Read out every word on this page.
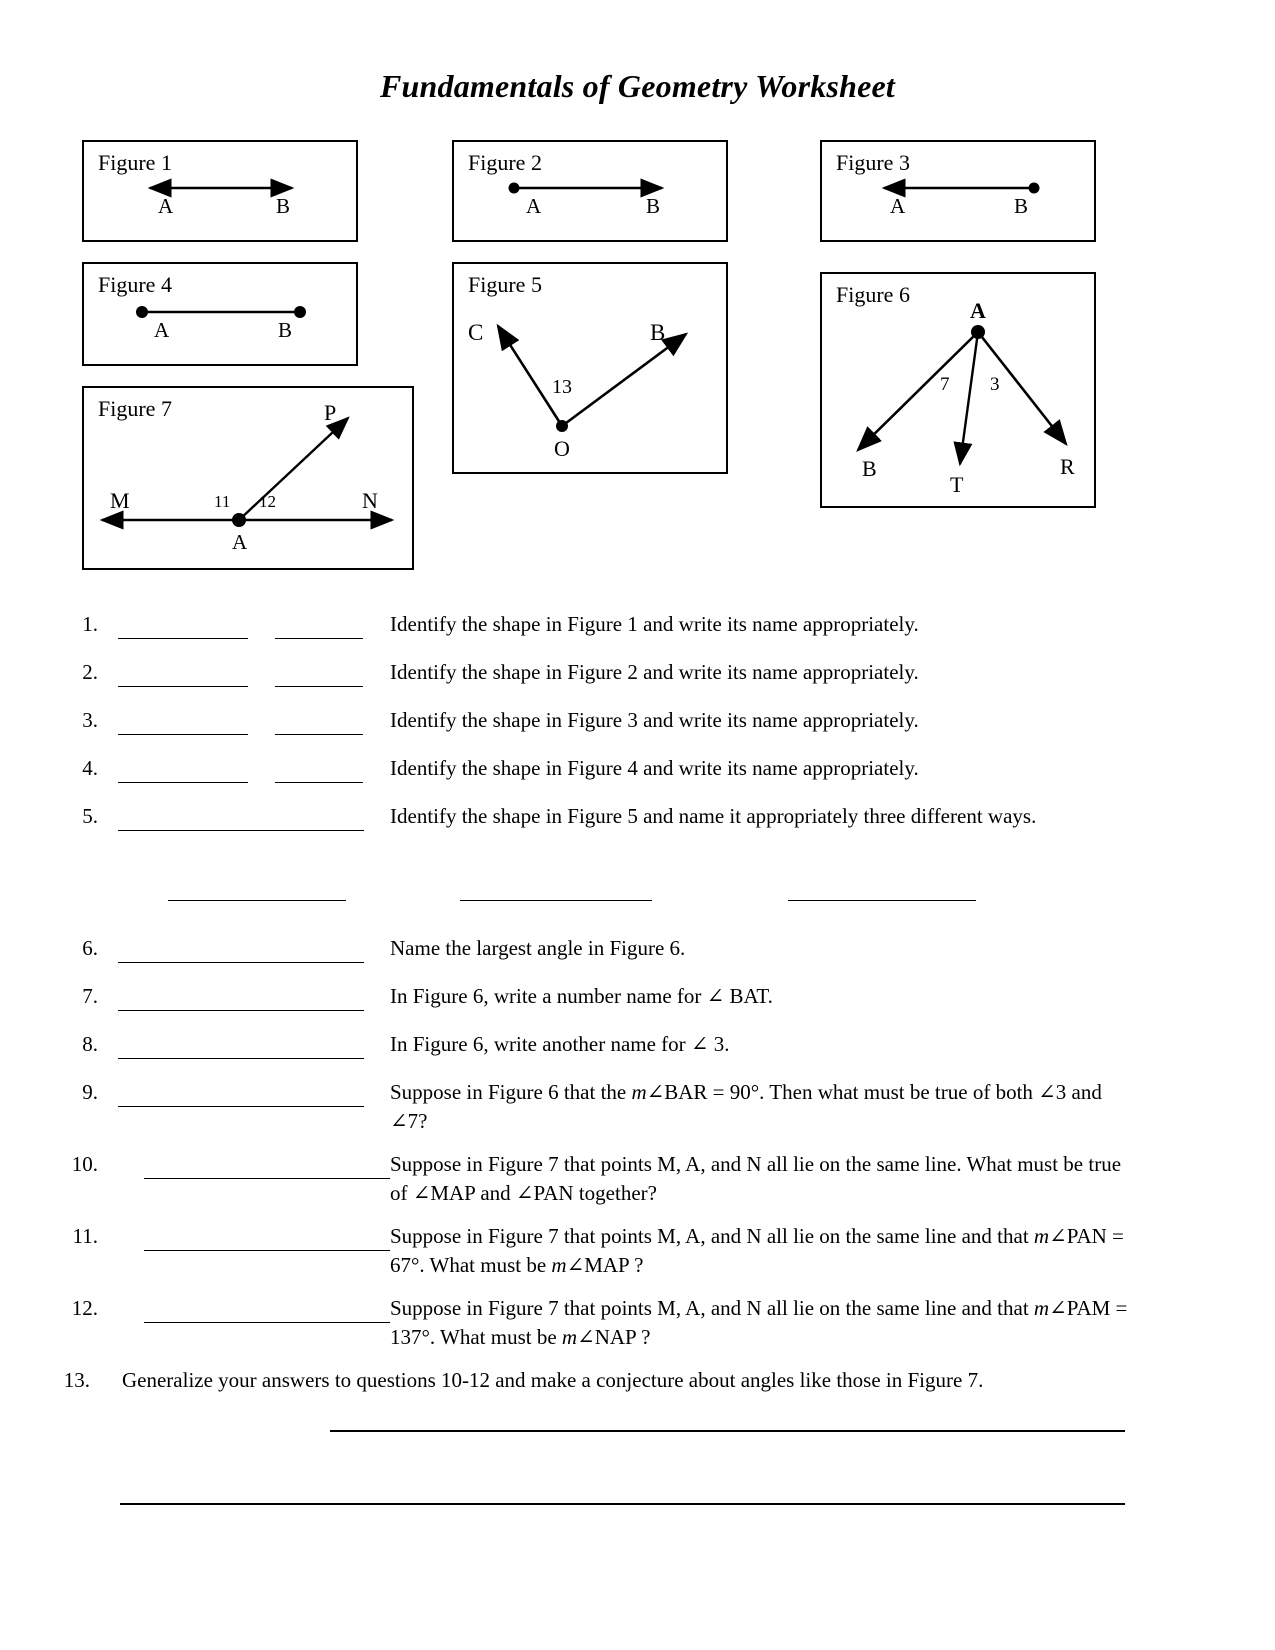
Fundamentals of Geometry Worksheet
Figure 1
A	B
Figure 2
A	B
Figure 3
A	B
Figure 4
A	B
Figure 5
C	B
13
O
Figure 6
A
7 3
B
T
R
Figure 7
M
P
N
11 12
A
1.	Identify the shape in Figure 1 and write its name appropriately.
2.	Identify the shape in Figure 2 and write its name appropriately.
3.	Identify the shape in Figure 3 and write its name appropriately.
4.	Identify the shape in Figure 4 and write its name appropriately.
5.	Identify the shape in Figure 5 and name it appropriately three different ways.
6.	Name the largest angle in Figure 6.
7.	In Figure 6, write a number name for ∠ BAT.
8.	In Figure 6, write another name for ∠ 3.
9.	Suppose in Figure 6 that the m∠BAR = 90°. Then what must be true of both ∠3 and ∠7?
10.	Suppose in Figure 7 that points M, A, and N all lie on the same line. What must be true of ∠MAP and ∠PAN together?
11.	Suppose in Figure 7 that points M, A, and N all lie on the same line and that m∠PAN = 67°. What must be m∠MAP ?
12.	Suppose in Figure 7 that points M, A, and N all lie on the same line and that m∠PAM = 137°. What must be m∠NAP ?
13. Generalize your answers to questions 10-12 and make a conjecture about angles like those in Figure 7.
